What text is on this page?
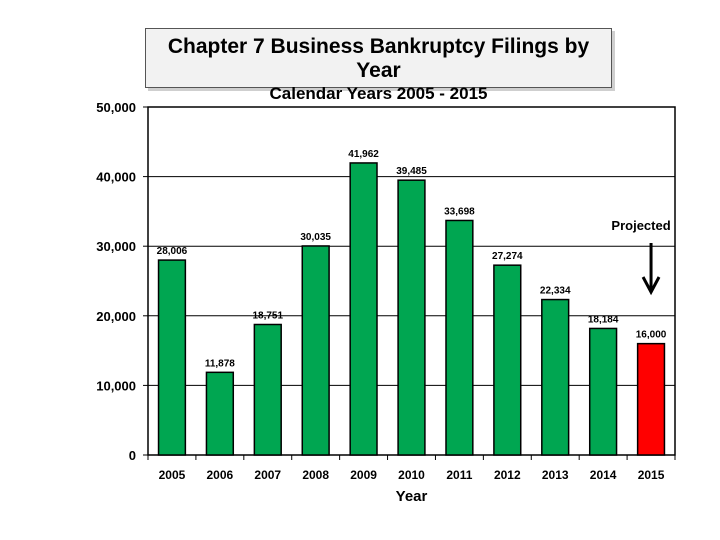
Chapter 7 Business Bankruptcy Filings by Year
Calendar Years 2005 - 2015
0
10,000
20,000
30,000
40,000
50,000
2005 2006 2007 2008 2009 2010 2011 2012 2013 2014 2015
28,006
11,878
18,751
30,035
41,962
39,485
33,698
27,274
22,334
18,184
16,000
Year
Projected
